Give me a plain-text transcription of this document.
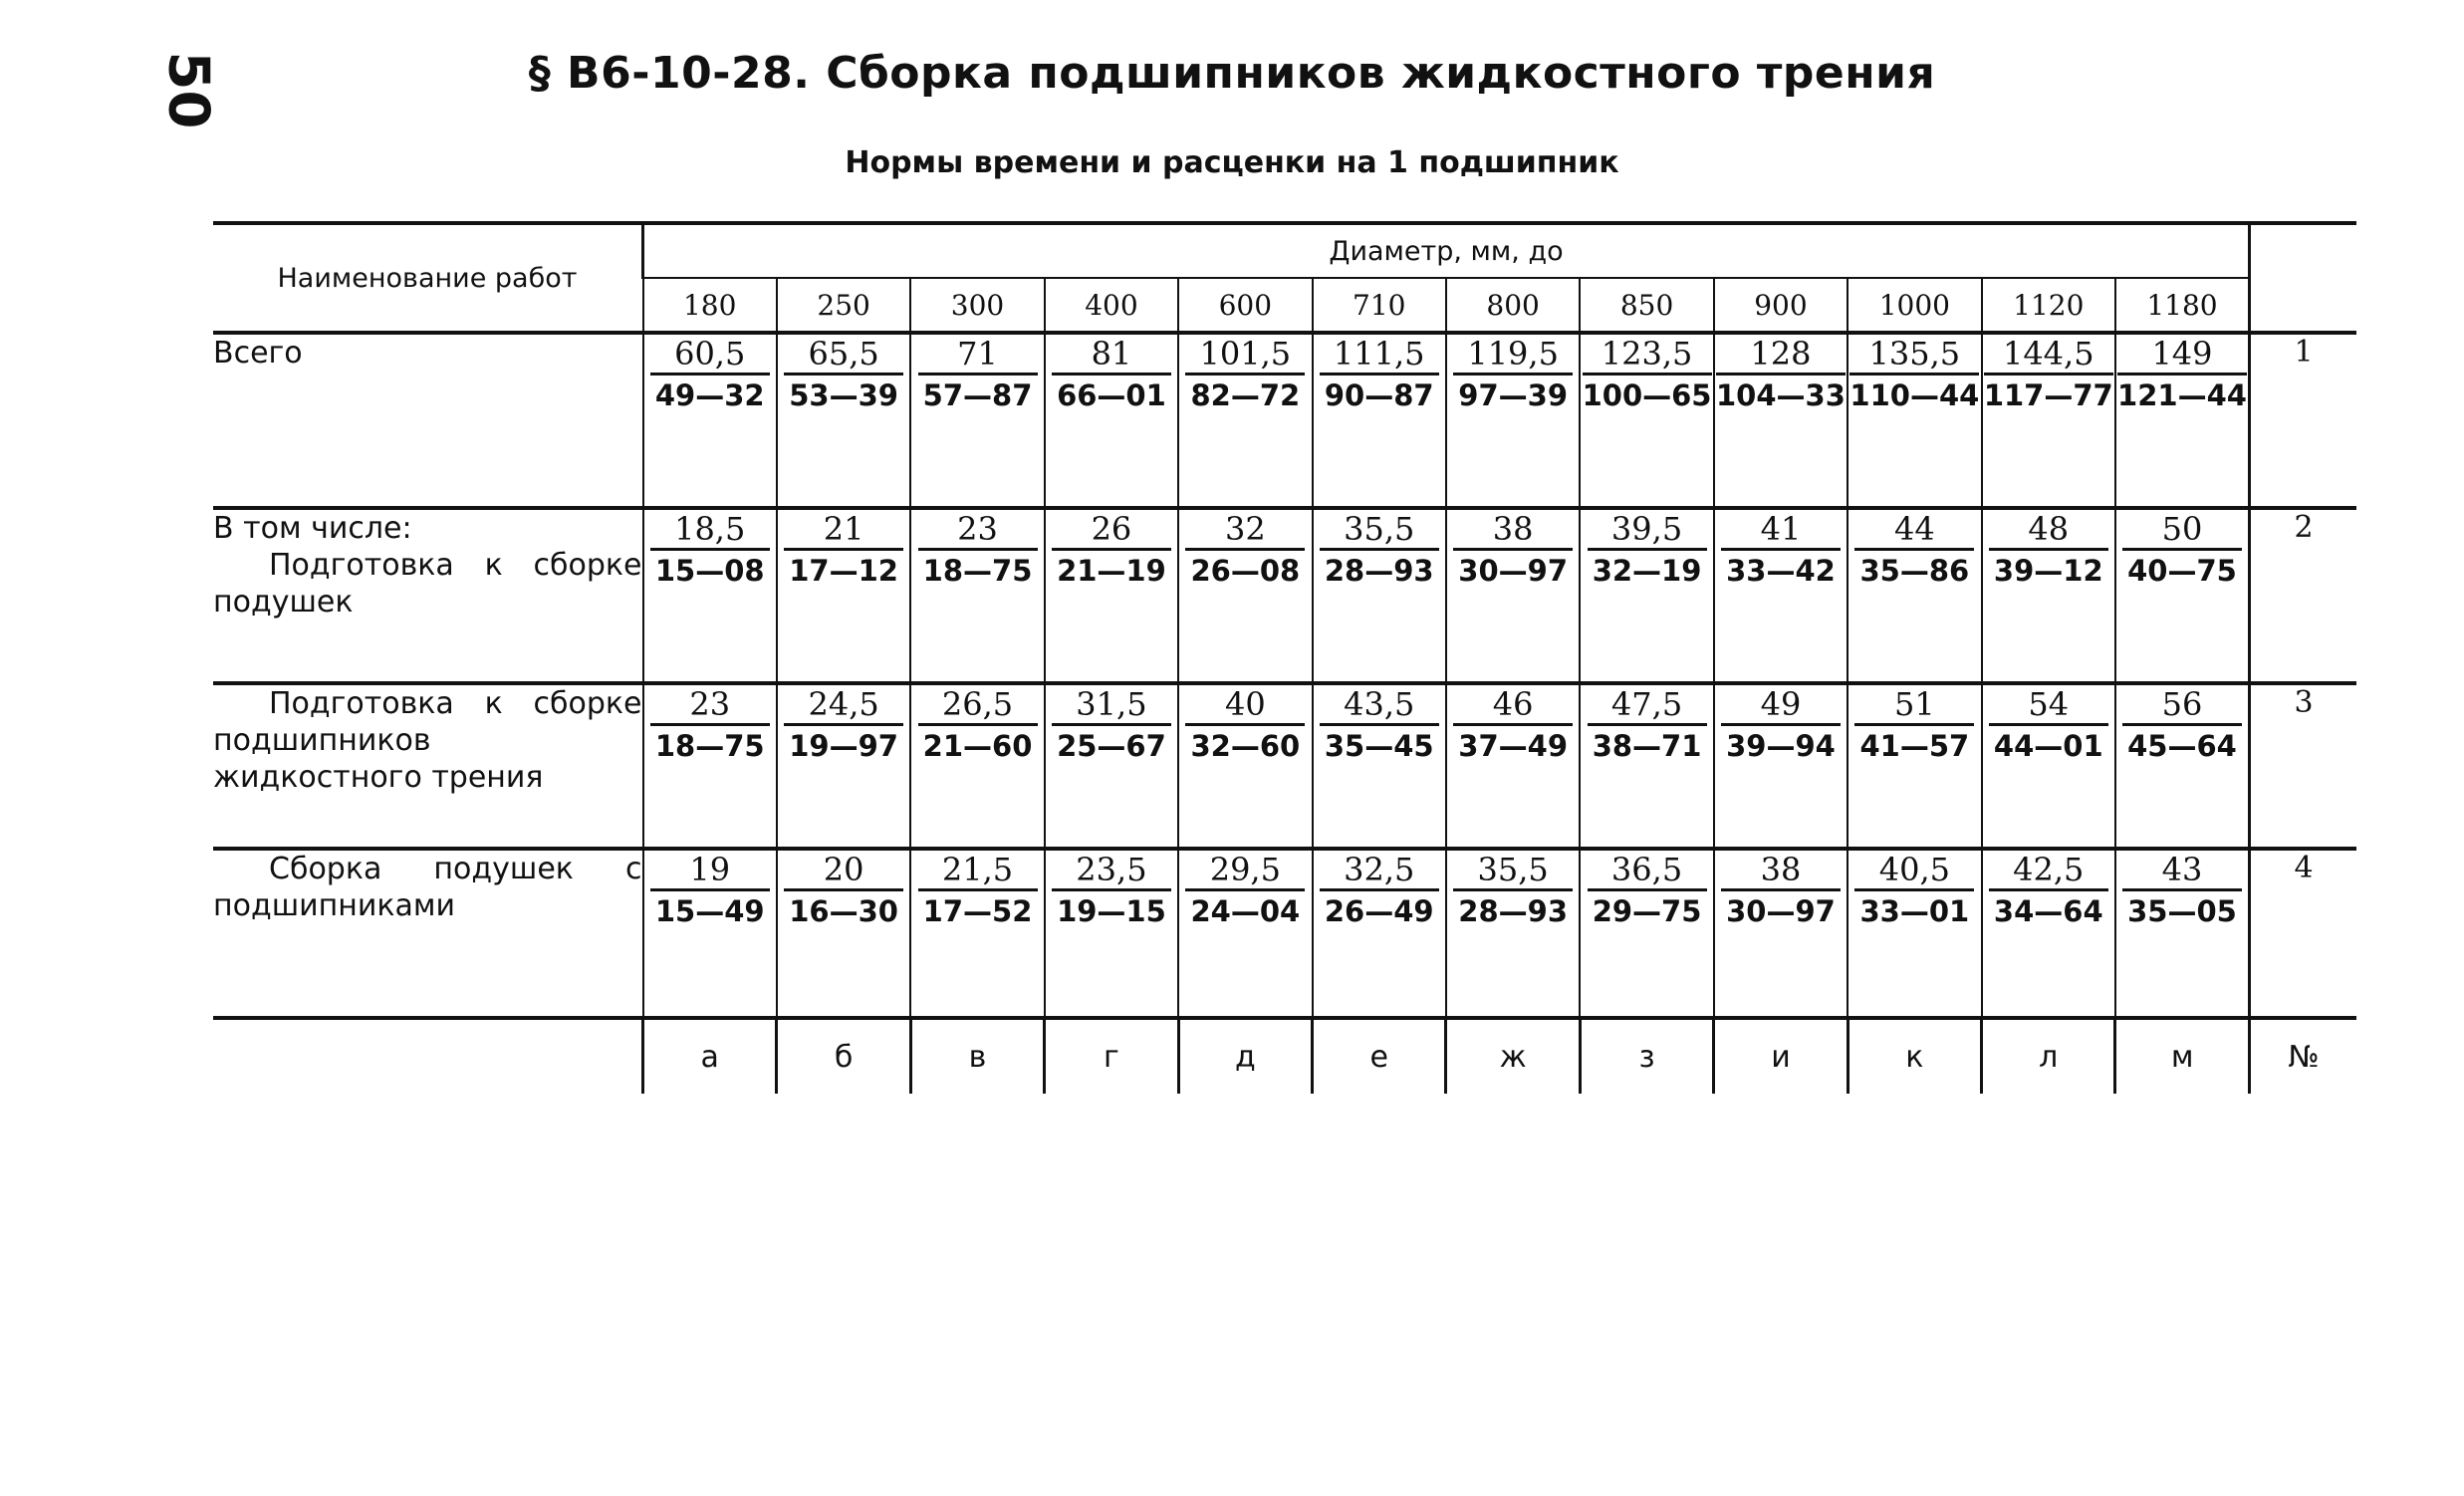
50	§ В6-10-28. Сборка подшипников жидкостного трения
Нормы времени и расценки на 1 подшипник
Наименование работ	Диаметр, мм, до												
	180	250	300	400	600	710	800	850	900	1000	1120	1180	

Всего	$\frac{60,5}{49—32}$	$\frac{65,5}{53—39}$	$\frac{71}{57—87}$	$\frac{81}{66—01}$	$\frac{101,5}{82—72}$	$\frac{111,5}{90—87}$	$\frac{119,5}{97—39}$	$\frac{123,5}{100—65}$	$\frac{128}{104—33}$	$\frac{135,5}{110—44}$	$\frac{144,5}{117—77}$	$\frac{149}{121—44}$	1

В том числе:
Подготовка к сборке подушек	$\frac{18,5}{15—08}$	$\frac{21}{17—12}$	$\frac{23}{18—75}$	$\frac{26}{21—19}$	$\frac{32}{26—08}$	$\frac{35,5}{28—93}$	$\frac{38}{30—97}$	$\frac{39,5}{32—19}$	$\frac{41}{33—42}$	$\frac{44}{35—86}$	$\frac{48}{39—12}$	$\frac{50}{40—75}$	2

Подготовка к сборке подшипников жидкостного трения	$\frac{23}{18—75}$	$\frac{24,5}{19—97}$	$\frac{26,5}{21—60}$	$\frac{31,5}{25—67}$	$\frac{40}{32—60}$	$\frac{43,5}{35—45}$	$\frac{46}{37—49}$	$\frac{47,5}{38—71}$	$\frac{49}{39—94}$	$\frac{51}{41—57}$	$\frac{54}{44—01}$	$\frac{56}{45—64}$	3

Сборка подушек с подшипниками	$\frac{19}{15—49}$	$\frac{20}{16—30}$	$\frac{21,5}{17—52}$	$\frac{23,5}{19—15}$	$\frac{29,5}{24—04}$	$\frac{32,5}{26—49}$	$\frac{35,5}{28—93}$	$\frac{36,5}{29—75}$	$\frac{38}{30—97}$	$\frac{40,5}{33—01}$	$\frac{42,5}{34—64}$	$\frac{43}{35—05}$	4
	а	б	в	г	д	е	ж	з	и	к	л	м	№
